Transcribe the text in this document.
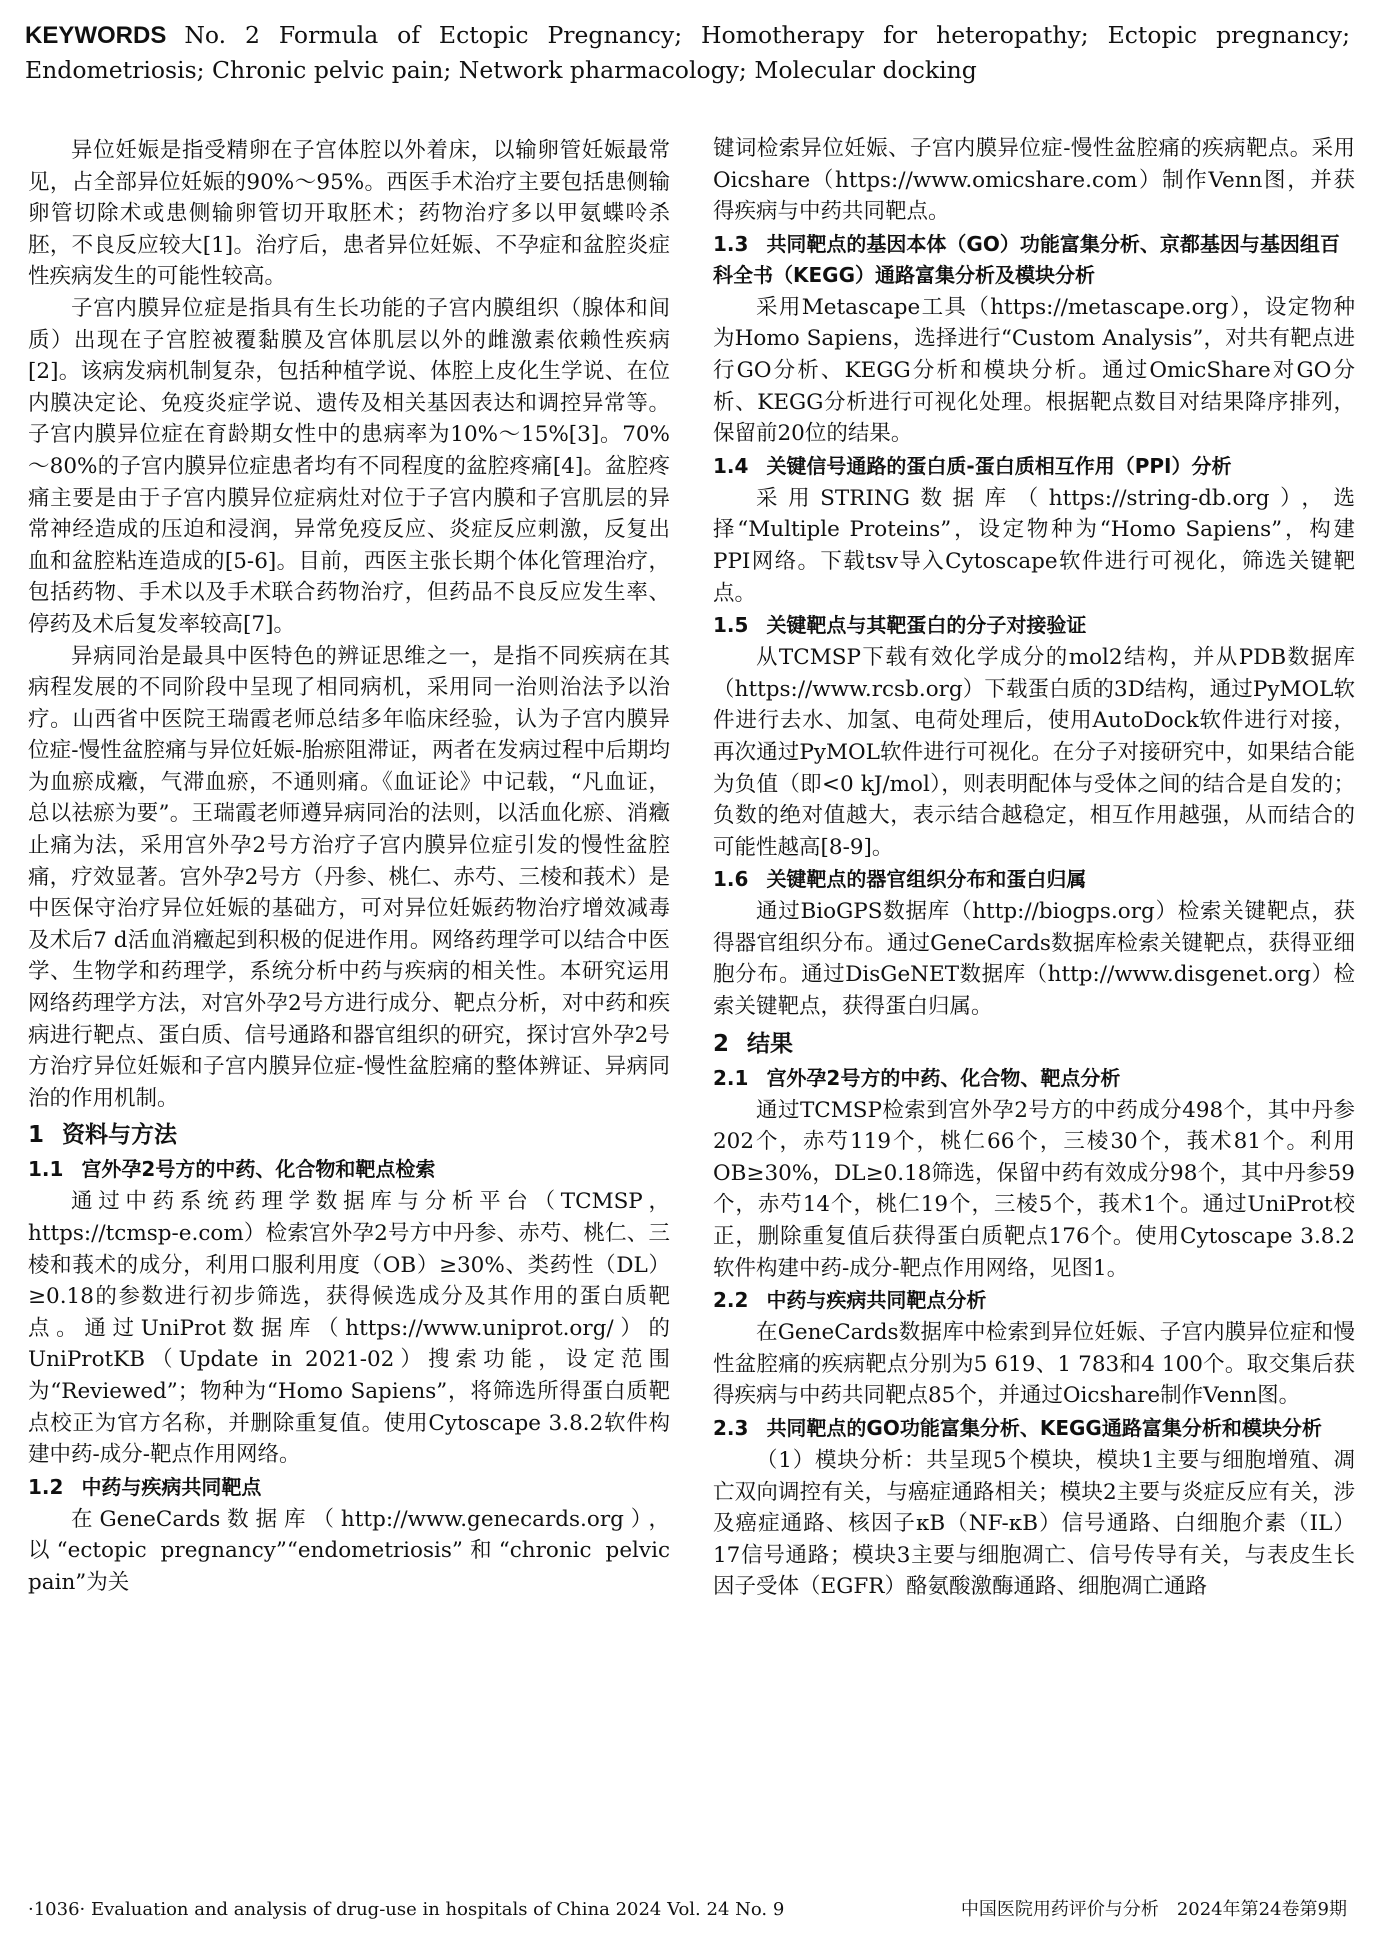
KEYWORDS No. 2 Formula of Ectopic Pregnancy; Homotherapy for heteropathy; Ectopic pregnancy; Endometriosis; Chronic pelvic pain; Network pharmacology; Molecular docking

异位妊娠是指受精卵在子宫体腔以外着床，以输卵管妊娠最常见，占全部异位妊娠的90%～95%。西医手术治疗主要包括患侧输卵管切除术或患侧输卵管切开取胚术；药物治疗多以甲氨蝶呤杀胚，不良反应较大[1]。治疗后，患者异位妊娠、不孕症和盆腔炎症性疾病发生的可能性较高。

子宫内膜异位症是指具有生长功能的子宫内膜组织（腺体和间质）出现在子宫腔被覆黏膜及宫体肌层以外的雌激素依赖性疾病[2]。该病发病机制复杂，包括种植学说、体腔上皮化生学说、在位内膜决定论、免疫炎症学说、遗传及相关基因表达和调控异常等。子宫内膜异位症在育龄期女性中的患病率为10%～15%[3]。70%～80%的子宫内膜异位症患者均有不同程度的盆腔疼痛[4]。盆腔疼痛主要是由于子宫内膜异位症病灶对位于子宫内膜和子宫肌层的异常神经造成的压迫和浸润，异常免疫反应、炎症反应刺激，反复出血和盆腔粘连造成的[5-6]。目前，西医主张长期个体化管理治疗，包括药物、手术以及手术联合药物治疗，但药品不良反应发生率、停药及术后复发率较高[7]。

异病同治是最具中医特色的辨证思维之一，是指不同疾病在其病程发展的不同阶段中呈现了相同病机，采用同一治则治法予以治疗。山西省中医院王瑞霞老师总结多年临床经验，认为子宫内膜异位症-慢性盆腔痛与异位妊娠-胎瘀阻滞证，两者在发病过程中后期均为血瘀成癥，气滞血瘀，不通则痛。《血证论》中记载，“凡血证，总以祛瘀为要”。王瑞霞老师遵异病同治的法则，以活血化瘀、消癥止痛为法，采用宫外孕2号方治疗子宫内膜异位症引发的慢性盆腔痛，疗效显著。宫外孕2号方（丹参、桃仁、赤芍、三棱和莪术）是中医保守治疗异位妊娠的基础方，可对异位妊娠药物治疗增效减毒及术后7 d活血消癥起到积极的促进作用。网络药理学可以结合中医学、生物学和药理学，系统分析中药与疾病的相关性。本研究运用网络药理学方法，对宫外孕2号方进行成分、靶点分析，对中药和疾病进行靶点、蛋白质、信号通路和器官组织的研究，探讨宫外孕2号方治疗异位妊娠和子宫内膜异位症-慢性盆腔痛的整体辨证、异病同治的作用机制。

1 资料与方法
1.1 宫外孕2号方的中药、化合物和靶点检索

通过中药系统药理学数据库与分析平台（TCMSP，https://tcmsp-e.com）检索宫外孕2号方中丹参、赤芍、桃仁、三棱和莪术的成分，利用口服利用度（OB）≥30%、类药性（DL）≥0.18的参数进行初步筛选，获得候选成分及其作用的蛋白质靶点。通过UniProt数据库（https://www.uniprot.org/）的UniProtKB（Update in 2021-02）搜索功能，设定范围为“Reviewed”；物种为“Homo Sapiens”，将筛选所得蛋白质靶点校正为官方名称，并删除重复值。使用Cytoscape 3.8.2软件构建中药-成分-靶点作用网络。

1.2 中药与疾病共同靶点

在GeneCards数据库（http://www.genecards.org），以“ectopic pregnancy”“endometriosis”和“chronic pelvic pain”为关

键词检索异位妊娠、子宫内膜异位症-慢性盆腔痛的疾病靶点。采用Oicshare（https://www.omicshare.com）制作Venn图，并获得疾病与中药共同靶点。

1.3 共同靶点的基因本体（GO）功能富集分析、京都基因与基因组百科全书（KEGG）通路富集分析及模块分析

采用Metascape工具（https://metascape.org），设定物种为Homo Sapiens，选择进行“Custom Analysis”，对共有靶点进行GO分析、KEGG分析和模块分析。通过OmicShare对GO分析、KEGG分析进行可视化处理。根据靶点数目对结果降序排列，保留前20位的结果。

1.4 关键信号通路的蛋白质-蛋白质相互作用（PPI）分析

采用STRING数据库（https://string-db.org），选择“Multiple Proteins”，设定物种为“Homo Sapiens”，构建PPI网络。下载tsv导入Cytoscape软件进行可视化，筛选关键靶点。

1.5 关键靶点与其靶蛋白的分子对接验证

从TCMSP下载有效化学成分的mol2结构，并从PDB数据库（https://www.rcsb.org）下载蛋白质的3D结构，通过PyMOL软件进行去水、加氢、电荷处理后，使用AutoDock软件进行对接，再次通过PyMOL软件进行可视化。在分子对接研究中，如果结合能为负值（即<0 kJ/mol），则表明配体与受体之间的结合是自发的；负数的绝对值越大，表示结合越稳定，相互作用越强，从而结合的可能性越高[8-9]。

1.6 关键靶点的器官组织分布和蛋白归属

通过BioGPS数据库（http://biogps.org）检索关键靶点，获得器官组织分布。通过GeneCards数据库检索关键靶点，获得亚细胞分布。通过DisGeNET数据库（http://www.disgenet.org）检索关键靶点，获得蛋白归属。

2 结果
2.1 宫外孕2号方的中药、化合物、靶点分析

通过TCMSP检索到宫外孕2号方的中药成分498个，其中丹参202个，赤芍119个，桃仁66个，三棱30个，莪术81个。利用OB≥30%，DL≥0.18筛选，保留中药有效成分98个，其中丹参59个，赤芍14个，桃仁19个，三棱5个，莪术1个。通过UniProt校正，删除重复值后获得蛋白质靶点176个。使用Cytoscape 3.8.2软件构建中药-成分-靶点作用网络，见图1。

2.2 中药与疾病共同靶点分析

在GeneCards数据库中检索到异位妊娠、子宫内膜异位症和慢性盆腔痛的疾病靶点分别为5 619、1 783和4 100个。取交集后获得疾病与中药共同靶点85个，并通过Oicshare制作Venn图。

2.3 共同靶点的GO功能富集分析、KEGG通路富集分析和模块分析

（1）模块分析：共呈现5个模块，模块1主要与细胞增殖、凋亡双向调控有关，与癌症通路相关；模块2主要与炎症反应有关，涉及癌症通路、核因子κB（NF-κB）信号通路、白细胞介素（IL）17信号通路；模块3主要与细胞凋亡、信号传导有关，与表皮生长因子受体（EGFR）酪氨酸激酶通路、细胞凋亡通路

·1036· Evaluation and analysis of drug-use in hospitals of China 2024 Vol. 24 No. 9	中国医院用药评价与分析　2024年第24卷第9期
